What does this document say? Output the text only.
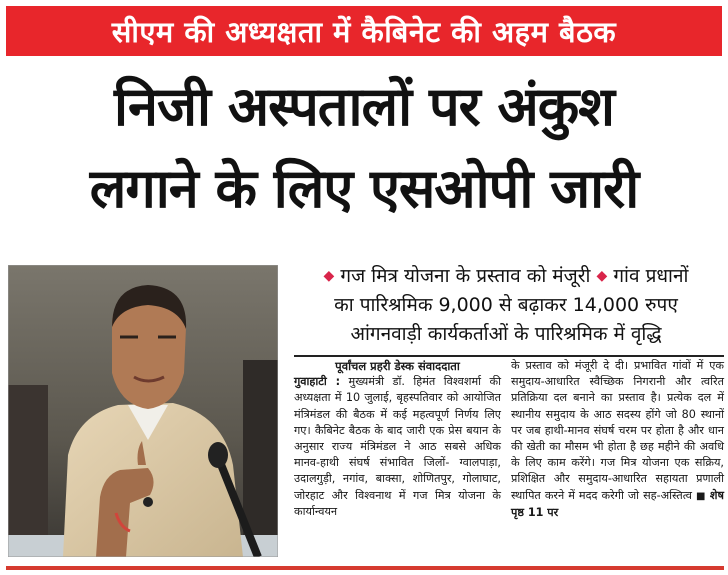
सीएम की अध्यक्षता में कैबिनेट की अहम बैठक
निजी अस्पतालों पर अंकुश
लगाने के लिए एसओपी जारी
◆ गज मित्र योजना के प्रस्ताव को मंजूरी ◆ गांव प्रधानों
का पारिश्रमिक 9,000 से बढ़ाकर 14,000 रुपए
आंगनवाड़ी कार्यकर्ताओं के पारिश्रमिक में वृद्धि
पूर्वांचल प्रहरी डेस्क संवाददाता
गुवाहाटी : मुख्यमंत्री डॉ. हिमंत विश्वशर्मा की अध्यक्षता में 10 जुलाई, बृहस्पतिवार को आयोजित मंत्रिमंडल की बैठक में कई महत्वपूर्ण निर्णय लिए गए। कैबिनेट बैठक के बाद जारी एक प्रेस बयान के अनुसार राज्य मंत्रिमंडल ने आठ सबसे अधिक मानव-हाथी संघर्ष संभावित जिलों- ग्वालपाड़ा, उदालगुड़ी, नगांव, बाक्सा, शोणितपुर, गोलाघाट, जोरहाट और विश्वनाथ में गज मित्र योजना के कार्यान्वयन
के प्रस्ताव को मंजूरी दे दी। प्रभावित गांवों में एक समुदाय-आधारित स्वैच्छिक निगरानी और त्वरित प्रतिक्रिया दल बनाने का प्रस्ताव है। प्रत्येक दल में स्थानीय समुदाय के आठ सदस्य होंगे जो 80 स्थानों पर जब हाथी-मानव संघर्ष चरम पर होता है और धान की खेती का मौसम भी होता है छह महीने की अवधि के लिए काम करेंगे। गज मित्र योजना एक सक्रिय, प्रशिक्षित और समुदाय-आधारित सहायता प्रणाली स्थापित करने में मदद करेगी जो सह-अस्तित्व ■ शेष पृष्ठ 11 पर
